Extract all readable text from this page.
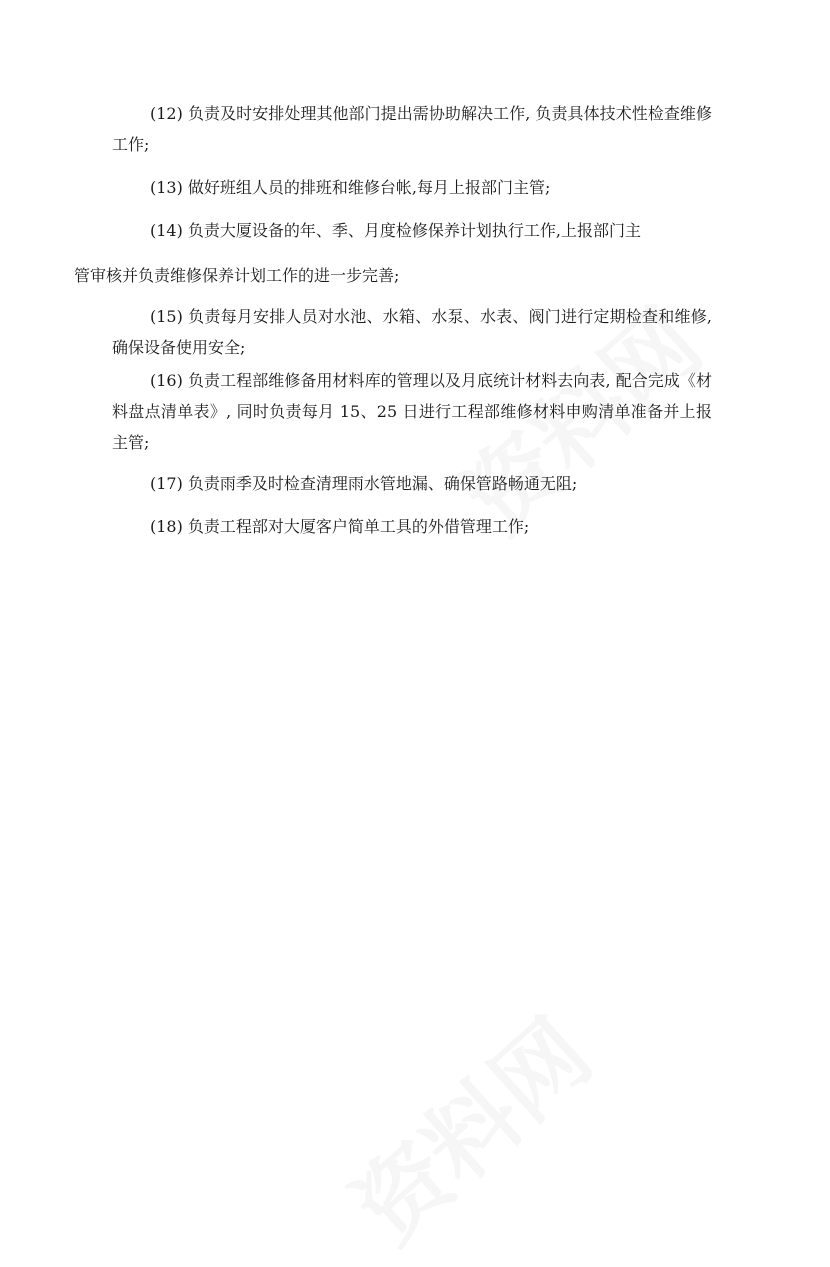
(12) 负责及时安排处理其他部门提出需协助解决工作, 负责具体技术性检查维修工作;

(13) 做好班组人员的排班和维修台帐,每月上报部门主管;

(14) 负责大厦设备的年、季、月度检修保养计划执行工作,上报部门主
管审核并负责维修保养计划工作的进一步完善;

(15) 负责每月安排人员对水池、水箱、水泵、水表、阀门进行定期检查和维修,确保设备使用安全;

(16) 负责工程部维修备用材料库的管理以及月底统计材料去向表, 配合完成《材料盘点清单表》, 同时负责每月 15、25 日进行工程部维修材料申购清单准备并上报主管;

(17) 负责雨季及时检查清理雨水管地漏、确保管路畅通无阻;

(18) 负责工程部对大厦客户简单工具的外借管理工作;
